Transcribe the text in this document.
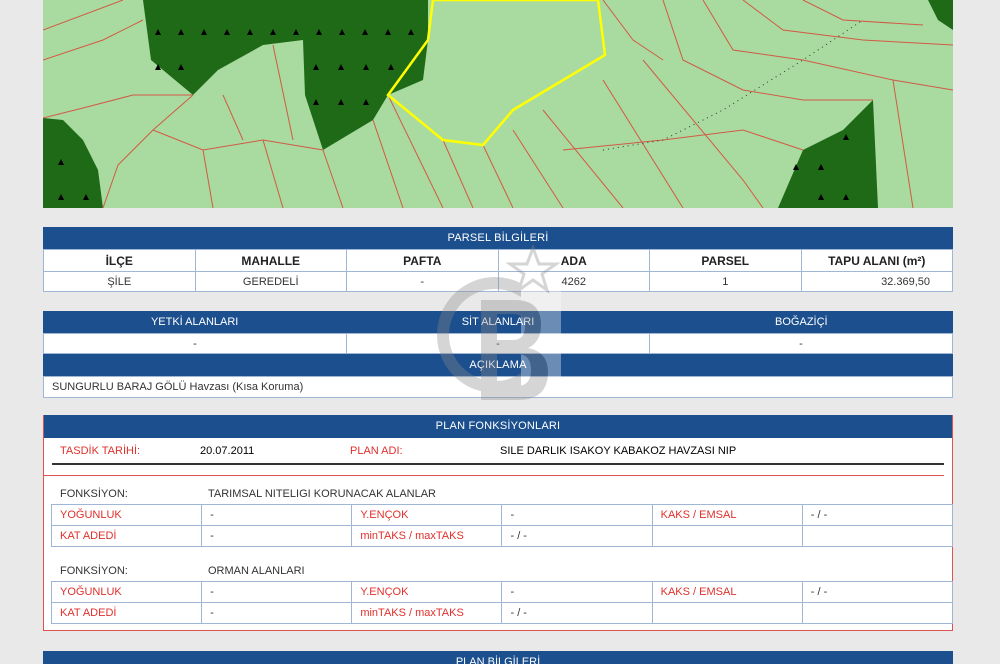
PARSEL BİLGİLERİ
İLÇE	MAHALLE	PAFTA	ADA	PARSEL	TAPU ALANI (m²)
ŞİLE	GEREDELİ	-	4262	1	32.369,50
YETKİ ALANLARI	SİT ALANLARI	BOĞAZİÇİ
-	-	-
AÇIKLAMA
SUNGURLU BARAJ GÖLÜ Havzası (Kısa Koruma)
PLAN FONKSİYONLARI
TASDİK TARİHİ:	20.07.2011	PLAN ADI:	SILE DARLIK ISAKOY KABAKOZ HAVZASI NIP
FONKSİYON:	TARIMSAL NITELIGI KORUNACAK ALANLAR
YOĞUNLUK	-	Y.ENÇOK	-	KAKS / EMSAL	- / -
KAT ADEDİ	-	minTAKS / maxTAKS	- / -		
FONKSİYON:	ORMAN ALANLARI
YOĞUNLUK	-	Y.ENÇOK	-	KAKS / EMSAL	- / -
KAT ADEDİ	-	minTAKS / maxTAKS	- / -		
PLAN BİLGİLERİ
